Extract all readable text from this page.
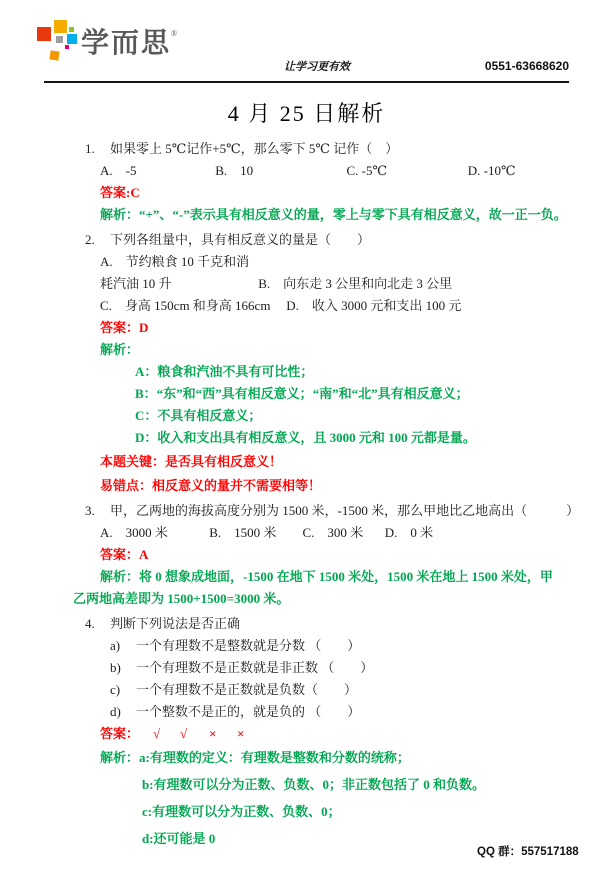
学而思 ®
让学习更有效	0551-63668620
4 月 25 日解析
1. 如果零上 5℃记作+5℃，那么零下 5℃ 记作（　）
A.　-5	B.　10	C. -5℃	D. -10℃
答案:C
解析：“+”、“-”表示具有相反意义的量，零上与零下具有相反意义，故一正一负。
2. 下列各组量中，具有相反意义的量是（　　）
A.　节约粮食 10 千克和消耗汽油 10 升	B.　向东走 3 公里和向北走 3 公里
C.　身高 150cm 和身高 166cm D.　收入 3000 元和支出 100 元
答案：D
解析：
A：粮食和汽油不具有可比性；
B：“东”和“西”具有相反意义；“南”和“北”具有相反意义；
C：不具有相反意义；
D：收入和支出具有相反意义，且 3000 元和 100 元都是量。
本题关键：是否具有相反意义！
易错点：相反意义的量并不需要相等！
3. 甲，乙两地的海拔高度分别为 1500 米，-1500 米，那么甲地比乙地高出（　　　）
A.　3000 米	B.　1500 米 C.　300 米 D.　0 米
答案：A
解析：将 0 想象成地面，-1500 在地下 1500 米处，1500 米在地上 1500 米处，甲
乙两地高差即为 1500+1500=3000 米。
4. 判断下列说法是否正确
a) 一个有理数不是整数就是分数 （　　）
b) 一个有理数不是正数就是非正数 （　　）
c) 一个有理数不是正数就是负数（　　）
d) 一个整数不是正的，就是负的 （　　）
答案： √ √ × ×
解析：a:有理数的定义：有理数是整数和分数的统称；
b:有理数可以分为正数、负数、0；非正数包括了 0 和负数。
c:有理数可以分为正数、负数、0；
d:还可能是 0
QQ 群：557517188
